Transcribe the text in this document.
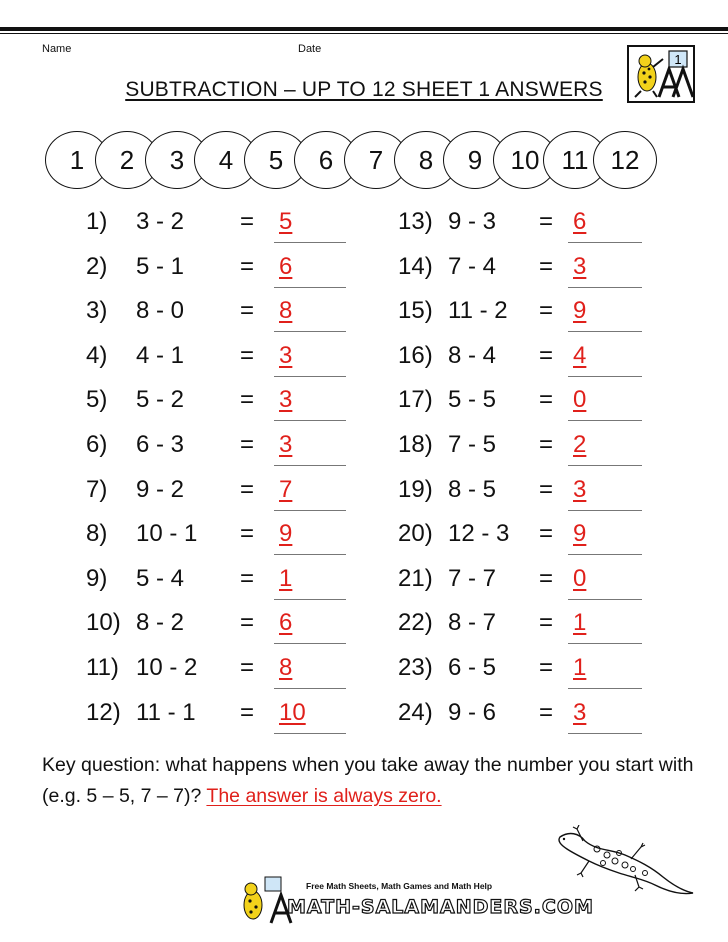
Name	Date
SUBTRACTION – UP TO 12 SHEET 1 ANSWERS
1
1 2 3 4 5 6 7 8 9 10 11 12
1) 3 - 2 = 5
2) 5 - 1 = 6
3) 8 - 0 = 8
4) 4 - 1 = 3
5) 5 - 2 = 3
6) 6 - 3 = 3
7) 9 - 2 = 7
8) 10 - 1 = 9
9) 5 - 4 = 1
10) 8 - 2 = 6
11) 10 - 2 = 8
12) 11 - 1 = 10
13) 9 - 3 = 6
14) 7 - 4 = 3
15) 11 - 2 = 9
16) 8 - 4 = 4
17) 5 - 5 = 0
18) 7 - 5 = 2
19) 8 - 5 = 3
20) 12 - 3 = 9
21) 7 - 7 = 0
22) 8 - 7 = 1
23) 6 - 5 = 1
24) 9 - 6 = 3
Key question: what happens when you take away the number you start with (e.g. 5 – 5, 7 – 7)? The answer is always zero.
Free Math Sheets, Math Games and Math Help
MATH-SALAMANDERS.COM
